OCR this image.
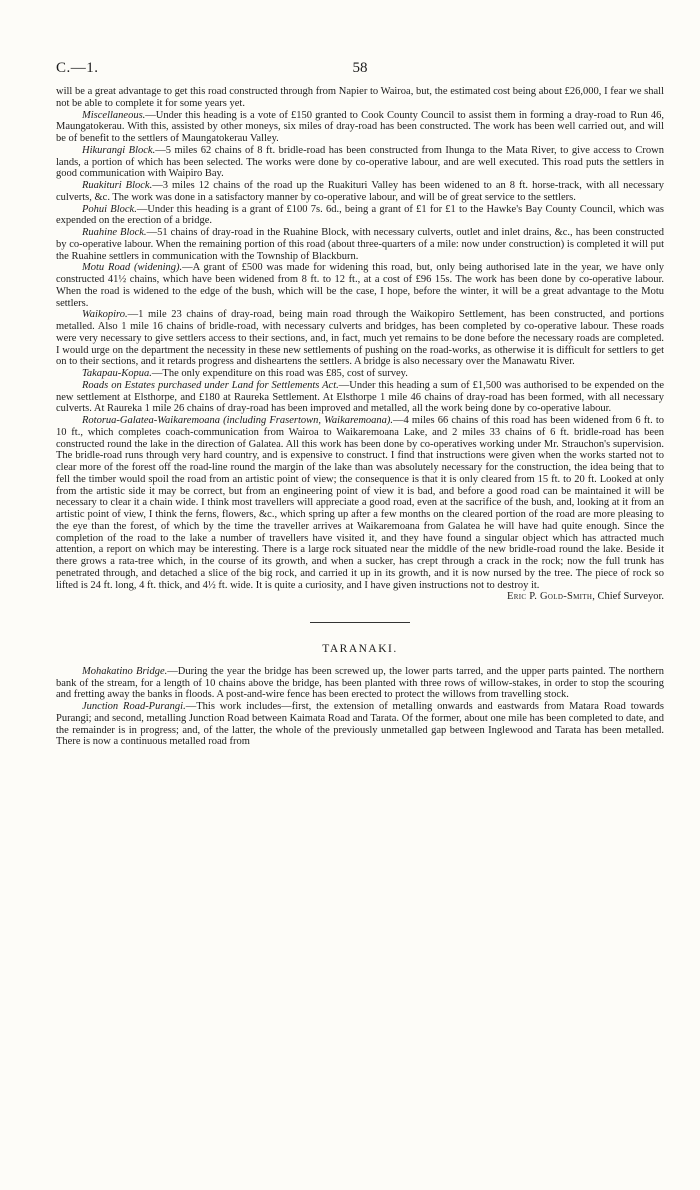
C.—1.	58

will be a great advantage to get this road constructed through from Napier to Wairoa, but, the estimated cost being about £26,000, I fear we shall not be able to complete it for some years yet.

Miscellaneous.—Under this heading is a vote of £150 granted to Cook County Council to assist them in forming a dray-road to Run 46, Maungatokerau. With this, assisted by other moneys, six miles of dray-road has been constructed. The work has been well carried out, and will be of benefit to the settlers of Maungatokerau Valley.

Hikurangi Block.—5 miles 62 chains of 8 ft. bridle-road has been constructed from Ihunga to the Mata River, to give access to Crown lands, a portion of which has been selected. The works were done by co-operative labour, and are well executed. This road puts the settlers in good communication with Waipiro Bay.

Ruakituri Block.—3 miles 12 chains of the road up the Ruakituri Valley has been widened to an 8 ft. horse-track, with all necessary culverts, &c. The work was done in a satisfactory manner by co-operative labour, and will be of great service to the settlers.

Pohui Block.—Under this heading is a grant of £100 7s. 6d., being a grant of £1 for £1 to the Hawke's Bay County Council, which was expended on the erection of a bridge.

Ruahine Block.—51 chains of dray-road in the Ruahine Block, with necessary culverts, outlet and inlet drains, &c., has been constructed by co-operative labour. When the remaining portion of this road (about three-quarters of a mile: now under construction) is completed it will put the Ruahine settlers in communication with the Township of Blackburn.

Motu Road (widening).—A grant of £500 was made for widening this road, but, only being authorised late in the year, we have only constructed 41½ chains, which have been widened from 8 ft. to 12 ft., at a cost of £96 15s. The work has been done by co-operative labour. When the road is widened to the edge of the bush, which will be the case, I hope, before the winter, it will be a great advantage to the Motu settlers.

Waikopiro.—1 mile 23 chains of dray-road, being main road through the Waikopiro Settlement, has been constructed, and portions metalled. Also 1 mile 16 chains of bridle-road, with necessary culverts and bridges, has been completed by co-operative labour. These roads were very necessary to give settlers access to their sections, and, in fact, much yet remains to be done before the necessary roads are completed. I would urge on the department the necessity in these new settlements of pushing on the road-works, as otherwise it is difficult for settlers to get on to their sections, and it retards progress and disheartens the settlers. A bridge is also necessary over the Manawatu River.

Takapau-Kopua.—The only expenditure on this road was £85, cost of survey.

Roads on Estates purchased under Land for Settlements Act.—Under this heading a sum of £1,500 was authorised to be expended on the new settlement at Elsthorpe, and £180 at Raureka Settlement. At Elsthorpe 1 mile 46 chains of dray-road has been formed, with all necessary culverts. At Raureka 1 mile 26 chains of dray-road has been improved and metalled, all the work being done by co-operative labour.

Rotorua-Galatea-Waikaremoana (including Frasertown, Waikaremoana).—4 miles 66 chains of this road has been widened from 6 ft. to 10 ft., which completes coach-communication from Wairoa to Waikaremoana Lake, and 2 miles 33 chains of 6 ft. bridle-road has been constructed round the lake in the direction of Galatea. All this work has been done by co-operatives working under Mr. Strauchon's supervision. The bridle-road runs through very hard country, and is expensive to construct. I find that instructions were given when the works started not to clear more of the forest off the road-line round the margin of the lake than was absolutely necessary for the construction, the idea being that to fell the timber would spoil the road from an artistic point of view; the consequence is that it is only cleared from 15 ft. to 20 ft. Looked at only from the artistic side it may be correct, but from an engineering point of view it is bad, and before a good road can be maintained it will be necessary to clear it a chain wide. I think most travellers will appreciate a good road, even at the sacrifice of the bush, and, looking at it from an artistic point of view, I think the ferns, flowers, &c., which spring up after a few months on the cleared portion of the road are more pleasing to the eye than the forest, of which by the time the traveller arrives at Waikaremoana from Galatea he will have had quite enough. Since the completion of the road to the lake a number of travellers have visited it, and they have found a singular object which has attracted much attention, a report on which may be interesting. There is a large rock situated near the middle of the new bridle-road round the lake. Beside it there grows a rata-tree which, in the course of its growth, and when a sucker, has crept through a crack in the rock; now the full trunk has penetrated through, and detached a slice of the big rock, and carried it up in its growth, and it is now nursed by the tree. The piece of rock so lifted is 24 ft. long, 4 ft. thick, and 4½ ft. wide. It is quite a curiosity, and I have given instructions not to destroy it.
Eric P. Gold-Smith, Chief Surveyor.

TARANAKI.

Mohakatino Bridge.—During the year the bridge has been screwed up, the lower parts tarred, and the upper parts painted. The northern bank of the stream, for a length of 10 chains above the bridge, has been planted with three rows of willow-stakes, in order to stop the scouring and fretting away the banks in floods. A post-and-wire fence has been erected to protect the willows from travelling stock.

Junction Road-Purangi.—This work includes—first, the extension of metalling onwards and eastwards from Matara Road towards Purangi; and second, metalling Junction Road between Kaimata Road and Tarata. Of the former, about one mile has been completed to date, and the remainder is in progress; and, of the latter, the whole of the previously unmetalled gap between Inglewood and Tarata has been metalled. There is now a continuous metalled road from
